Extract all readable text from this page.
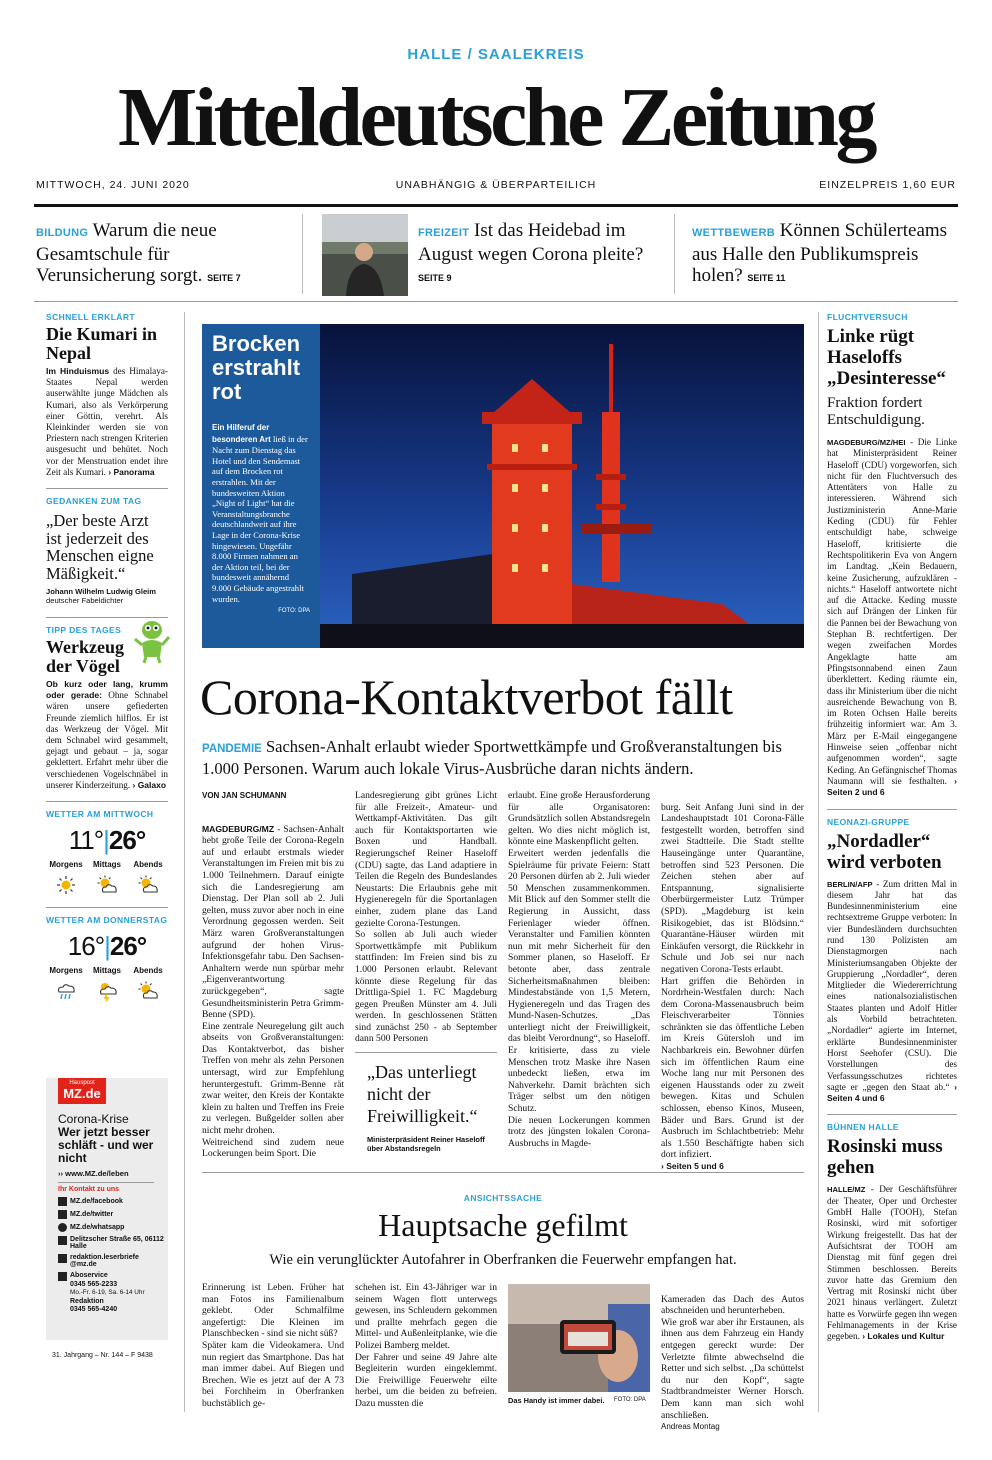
HALLE / SAALEKREIS
Mitteldeutsche Zeitung
MITTWOCH, 24. JUNI 2020	UNABHÄNGIG & ÜBERPARTEILICH	EINZELPREIS 1,60 EUR
BILDUNG Warum die neue Gesamtschule für Verunsicherung sorgt. SEITE 7
FREIZEIT Ist das Heidebad im August wegen Corona pleite? SEITE 9
WETTBEWERB Können Schülerteams aus Halle den Publikumspreis holen? SEITE 11
SCHNELL ERKLÄRT
Die Kumari in Nepal
Im Hinduismus des Himalaya-Staates Nepal werden auserwählte junge Mädchen als Kumari, also als Verkörperung einer Göttin, verehrt. Als Kleinkinder werden sie von Priestern nach strengen Kriterien ausgesucht und behütet. Noch vor der Menstruation endet ihre Zeit als Kumari. › Panorama
GEDANKEN ZUM TAG
„Der beste Arzt ist jederzeit des Menschen eigne Mäßigkeit.“
Johann Wilhelm Ludwig Gleim
deutscher Fabeldichter
TIPP DES TAGES
Werkzeug der Vögel
Ob kurz oder lang, krumm oder gerade: Ohne Schnabel wären unsere gefiederten Freunde ziemlich hilflos. Er ist das Werkzeug der Vögel. Mit dem Schnabel wird gesammelt, gejagt und gebaut – ja, sogar geklettert. Erfahrt mehr über die verschiedenen Vogelschnäbel in unserer Kinderzeitung. › Galaxo
WETTER AM MITTWOCH
11°|26°
Morgens	Mittags	Abends
WETTER AM DONNERSTAG
16°|26°
Morgens	Mittags	Abends
Hauspost
MZ.de
Corona-Krise
Wer jetzt besser schläft - und wer nicht
›› www.MZ.de/leben
Ihr Kontakt zu uns
MZ.de/facebook
MZ.de/twitter
MZ.de/whatsapp
Delitzscher Straße 65, 06112 Halle
redaktion.leserbriefe @mz.de
Aboservice
0345 565-2233
Mo.-Fr. 6-19, Sa. 6-14 Uhr
Redaktion
0345 565-4240
31. Jahrgang – Nr. 144 – F 9438
Brocken erstrahlt rot
Ein Hilferuf der besonderen Art ließ in der Nacht zum Dienstag das Hotel und den Sendemast auf dem Brocken rot erstrahlen. Mit der bundesweiten Aktion „Night of Light“ hat die Veranstaltungsbranche deutschlandweit auf ihre Lage in der Corona-Krise hingewiesen. Ungefähr 8.000 Firmen nahmen an der Aktion teil, bei der bundesweit annähernd 9.000 Gebäude angestrahlt wurden.
FOTO: DPA
Corona-Kontaktverbot fällt
PANDEMIE Sachsen-Anhalt erlaubt wieder Sportwettkämpfe und Großveranstaltungen bis 1.000 Personen. Warum auch lokale Virus-Ausbrüche daran nichts ändern.
VON JAN SCHUMANN

MAGDEBURG/MZ - Sachsen-Anhalt hebt große Teile der Corona-Regeln auf und erlaubt erstmals wieder Veranstaltungen im Freien mit bis zu 1.000 Teilnehmern. Darauf einigte sich die Landesregierung am Dienstag. Der Plan soll ab 2. Juli gelten, muss zuvor aber noch in eine Verordnung gegossen werden. Seit März waren Großveranstaltungen aufgrund der hohen Virus-Infektionsgefahr tabu. Den Sachsen-Anhaltern werde nun spürbar mehr „Eigenverantwortung zurückgegeben“, sagte Gesundheitsministerin Petra Grimm-Benne (SPD).
Eine zentrale Neuregelung gilt auch abseits von Großveranstaltungen: Das Kontaktverbot, das bisher Treffen von mehr als zehn Personen untersagt, wird zur Empfehlung heruntergestuft. Grimm-Benne rät zwar weiter, den Kreis der Kontakte klein zu halten und Treffen ins Freie zu verlegen. Bußgelder sollen aber nicht mehr drohen.
Weitreichend sind zudem neue Lockerungen beim Sport. Die

Landesregierung gibt grünes Licht für alle Freizeit-, Amateur- und Wettkampf-Aktivitäten. Das gilt auch für Kontaktsportarten wie Boxen und Handball. Regierungschef Reiner Haseloff (CDU) sagte, das Land adaptiere in Teilen die Regeln des Bundeslandes Neustarts: Die Erlaubnis gehe mit Hygieneregeln für die Sportanlagen einher, zudem plane das Land gezielte Corona-Testungen.
So sollen ab Juli auch wieder Sportwettkämpfe mit Publikum stattfinden: Im Freien sind bis zu 1.000 Personen erlaubt. Relevant könnte diese Regelung für das Drittliga-Spiel 1. FC Magdeburg gegen Preußen Münster am 4. Juli werden. In geschlossenen Stätten sind zunächst 250 - ab September dann 500 Personen
„Das unterliegt nicht der Freiwilligkeit.“
Ministerpräsident Reiner Haseloff über Abstandsregeln
erlaubt. Eine große Herausforderung für alle Organisatoren: Grundsätzlich sollen Abstandsregeln gelten. Wo dies nicht möglich ist, könnte eine Maskenpflicht gelten.
Erweitert werden jedenfalls die Spielräume für private Feiern: Statt 20 Personen dürfen ab 2. Juli wieder 50 Menschen zusammenkommen. Mit Blick auf den Sommer stellt die Regierung in Aussicht, dass Ferienlager wieder öffnen. Veranstalter und Familien könnten nun mit mehr Sicherheit für den Sommer planen, so Haseloff. Er betonte aber, dass zentrale Sicherheitsmaßnahmen bleiben: Mindestabstände von 1,5 Metern, Hygieneregeln und das Tragen des Mund-Nasen-Schutzes. „Das unterliegt nicht der Freiwilligkeit, das bleibt Verordnung“, so Haseloff. Er kritisierte, dass zu viele Menschen trotz Maske ihre Nasen unbedeckt ließen, etwa im Nahverkehr. Damit brächten sich Träger selbst um den nötigen Schutz.
Die neuen Lockerungen kommen trotz des jüngsten lokalen Corona-Ausbruchs in Magde-

burg. Seit Anfang Juni sind in der Landeshauptstadt 101 Corona-Fälle festgestellt worden, betroffen sind zwei Stadtteile. Die Stadt stellte Hauseingänge unter Quarantäne, betroffen sind 523 Personen. Die Zeichen stehen aber auf Entspannung, signalisierte Oberbürgermeister Lutz Trümper (SPD). „Magdeburg ist kein Risikogebiet, das ist Blödsinn.“ Quarantäne-Häuser würden mit Einkäufen versorgt, die Rückkehr in Schule und Job sei nur nach negativen Corona-Tests erlaubt.
Hart griffen die Behörden in Nordrhein-Westfalen durch: Nach dem Corona-Massenausbruch beim Fleischverarbeiter Tönnies schränkten sie das öffentliche Leben im Kreis Gütersloh und im Nachbarkreis ein. Bewohner dürfen sich im öffentlichen Raum eine Woche lang nur mit Personen des eigenen Hausstands oder zu zweit bewegen. Kitas und Schulen schlossen, ebenso Kinos, Museen, Bäder und Bars. Grund ist der Ausbruch im Schlachtbetrieb: Mehr als 1.550 Beschäftigte haben sich dort infiziert.
› Seiten 5 und 6

ANSICHTSSACHE
Hauptsache gefilmt
Wie ein verunglückter Autofahrer in Oberfranken die Feuerwehr empfangen hat.
Erinnerung ist Leben. Früher hat man Fotos ins Familienalbum geklebt. Oder Schmalfilme angefertigt: Die Kleinen im Planschbecken - sind sie nicht süß?
Später kam die Videokamera. Und nun regiert das Smartphone. Das hat man immer dabei. Auf Biegen und Brechen. Wie es jetzt auf der A 73 bei Forchheim in Oberfranken buchstäblich ge-
schehen ist. Ein 43-Jähriger war in seinem Wagen flott unterwegs gewesen, ins Schleudern gekommen und prallte mehrfach gegen die Mittel- und Außenleitplanke, wie die Polizei Bamberg meldet.
Der Fahrer und seine 49 Jahre alte Begleiterin wurden eingeklemmt. Die Freiwillige Feuerwehr eilte herbei, um die beiden zu befreien. Dazu mussten die	Das Handy ist immer dabei. FOTO: DPA

Kameraden das Dach des Autos abschneiden und herunterheben.
Wie groß war aber ihr Erstaunen, als ihnen aus dem Fahrzeug ein Handy entgegen gereckt wurde: Der Verletzte filmte abwechselnd die Retter und sich selbst. „Da schüttelst du nur den Kopf“, sagte Stadtbrandmeister Werner Horsch. Dem kann man sich wohl anschließen.
Andreas Montag

FLUCHTVERSUCH
Linke rügt Haseloffs „Desinteresse“
Fraktion fordert Entschuldigung.
MAGDEBURG/MZ/HEI - Die Linke hat Ministerpräsident Reiner Haseloff (CDU) vorgeworfen, sich nicht für den Fluchtversuch des Attentäters von Halle zu interessieren. Während sich Justizministerin Anne-Marie Keding (CDU) für Fehler entschuldigt habe, schweige Haseloff, kritisierte die Rechtspolitikerin Eva von Angern im Landtag. „Kein Bedauern, keine Zusicherung, aufzuklären - nichts.“ Haseloff antwortete nicht auf die Attacke. Keding musste sich auf Drängen der Linken für die Pannen bei der Bewachung von Stephan B. rechtfertigen. Der wegen zweifachen Mordes Angeklagte hatte am Pfingstsonnabend einen Zaun überklettert. Keding räumte ein, dass ihr Ministerium über die nicht ausreichende Bewachung von B. im Roten Ochsen Halle bereits frühzeitig informiert war. Am 3. März per E-Mail eingegangene Hinweise seien „offenbar nicht aufgenommen worden“, sagte Keding. An Gefängnischef Thomas Naumann will sie festhalten. › Seiten 2 und 6
NEONAZI-GRUPPE
„Nordadler“ wird verboten
BERLIN/AFP - Zum dritten Mal in diesem Jahr hat das Bundesinnenministerium eine rechtsextreme Gruppe verboten: In vier Bundesländern durchsuchten rund 130 Polizisten am Dienstagmorgen nach Ministeriumsangaben Objekte der Gruppierung „Nordadler“, deren Mitglieder die Wiedererrichtung eines nationalsozialistischen Staates planten und Adolf Hitler als Vorbild betrachteten. „Nordadler“ agierte im Internet, erklärte Bundesinnenminister Horst Seehofer (CSU). Die Vorstellungen des Verfassungsschutzes richtetes sagte er „gegen den Staat ab.“ › Seiten 4 und 6
BÜHNEN HALLE
Rosinski muss gehen
HALLE/MZ - Der Geschäftsführer der Theater, Oper und Orchester GmbH Halle (TOOH), Stefan Rosinski, wird mit sofortiger Wirkung freigestellt. Das hat der Aufsichtsrat der TOOH am Dienstag mit fünf gegen drei Stimmen beschlossen. Bereits zuvor hatte das Gremium den Vertrag mit Rosinski nicht über 2021 hinaus verlängert. Zuletzt hatte es Vorwürfe gegen ihn wegen Fehlmanagements in der Krise gegeben. › Lokales und Kultur
